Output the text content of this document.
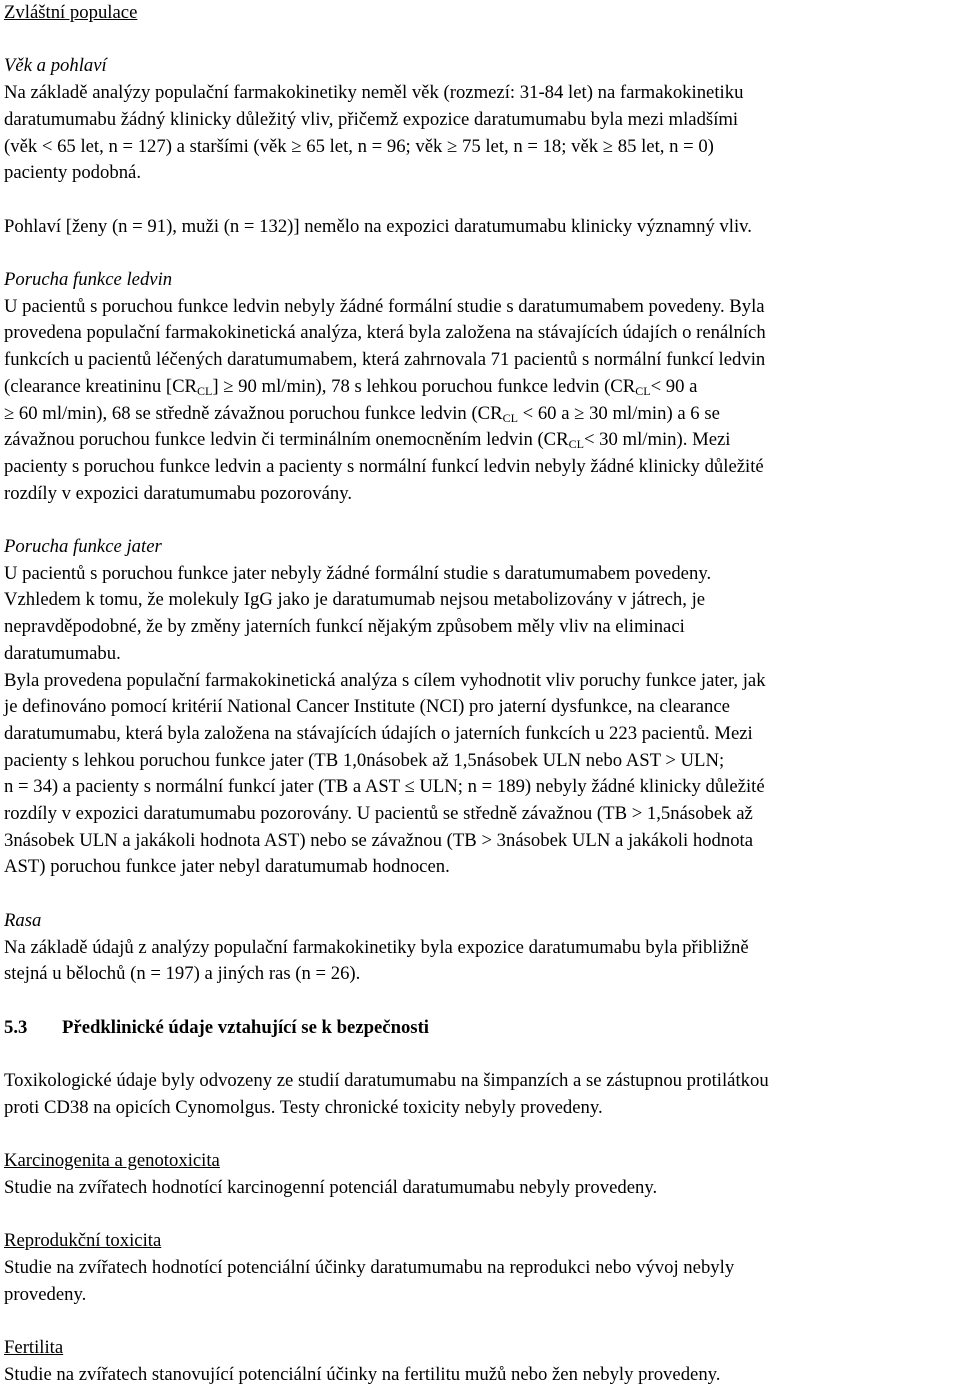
Zvláštní populace

Věk a pohlaví

Na základě analýzy populační farmakokinetiky neměl věk (rozmezí: 31-84 let) na farmakokinetiku

daratumumabu žádný klinicky důležitý vliv, přičemž expozice daratumumabu byla mezi mladšími

(věk < 65 let, n = 127) a staršími (věk ≥ 65 let, n = 96; věk ≥ 75 let, n = 18; věk ≥ 85 let, n = 0)

pacienty podobná.

Pohlaví [ženy (n = 91), muži (n = 132)] nemělo na expozici daratumumabu klinicky významný vliv.

Porucha funkce ledvin

U pacientů s poruchou funkce ledvin nebyly žádné formální studie s daratumumabem povedeny. Byla

provedena populační farmakokinetická analýza, která byla založena na stávajících údajích o renálních

funkcích u pacientů léčených daratumumabem, která zahrnovala 71 pacientů s normální funkcí ledvin

(clearance kreatininu $[CR_{CL}] \ge 90$ ml/min), 78 s lehkou poruchou funkce ledvin ($CR_{CL}< 90$ a

≥ 60 ml/min), 68 se středně závažnou poruchou funkce ledvin ($CR_{CL} < 60$ a ≥ 30 ml/min) a 6 se

závažnou poruchou funkce ledvin či terminálním onemocněním ledvin ($CR_{CL}< 30$ ml/min). Mezi

pacienty s poruchou funkce ledvin a pacienty s normální funkcí ledvin nebyly žádné klinicky důležité

rozdíly v expozici daratumumabu pozorovány.

Porucha funkce jater

U pacientů s poruchou funkce jater nebyly žádné formální studie s daratumumabem povedeny.

Vzhledem k tomu, že molekuly IgG jako je daratumumab nejsou metabolizovány v játrech, je

nepravděpodobné, že by změny jaterních funkcí nějakým způsobem měly vliv na eliminaci

daratumumabu.

Byla provedena populační farmakokinetická analýza s cílem vyhodnotit vliv poruchy funkce jater, jak

je definováno pomocí kritérií National Cancer Institute (NCI) pro jaterní dysfunkce, na clearance

daratumumabu, která byla založena na stávajících údajích o jaterních funkcích u 223 pacientů. Mezi

pacienty s lehkou poruchou funkce jater (TB 1,0násobek až 1,5násobek ULN nebo AST > ULN;

n = 34) a pacienty s normální funkcí jater (TB a AST ≤ ULN; n = 189) nebyly žádné klinicky důležité

rozdíly v expozici daratumumabu pozorovány. U pacientů se středně závažnou (TB > 1,5násobek až

3násobek ULN a jakákoli hodnota AST) nebo se závažnou (TB > 3násobek ULN a jakákoli hodnota

AST) poruchou funkce jater nebyl daratumumab hodnocen.

Rasa

Na základě údajů z analýzy populační farmakokinetiky byla expozice daratumumabu byla přibližně

stejná u bělochů (n = 197) a jiných ras (n = 26).

5.3 Předklinické údaje vztahující se k bezpečnosti

Toxikologické údaje byly odvozeny ze studií daratumumabu na šimpanzích a se zástupnou protilátkou

proti CD38 na opicích Cynomolgus. Testy chronické toxicity nebyly provedeny.

Karcinogenita a genotoxicita

Studie na zvířatech hodnotící karcinogenní potenciál daratumumabu nebyly provedeny.

Reprodukční toxicita

Studie na zvířatech hodnotící potenciální účinky daratumumabu na reprodukci nebo vývoj nebyly

provedeny.

Fertilita

Studie na zvířatech stanovující potenciální účinky na fertilitu mužů nebo žen nebyly provedeny.
